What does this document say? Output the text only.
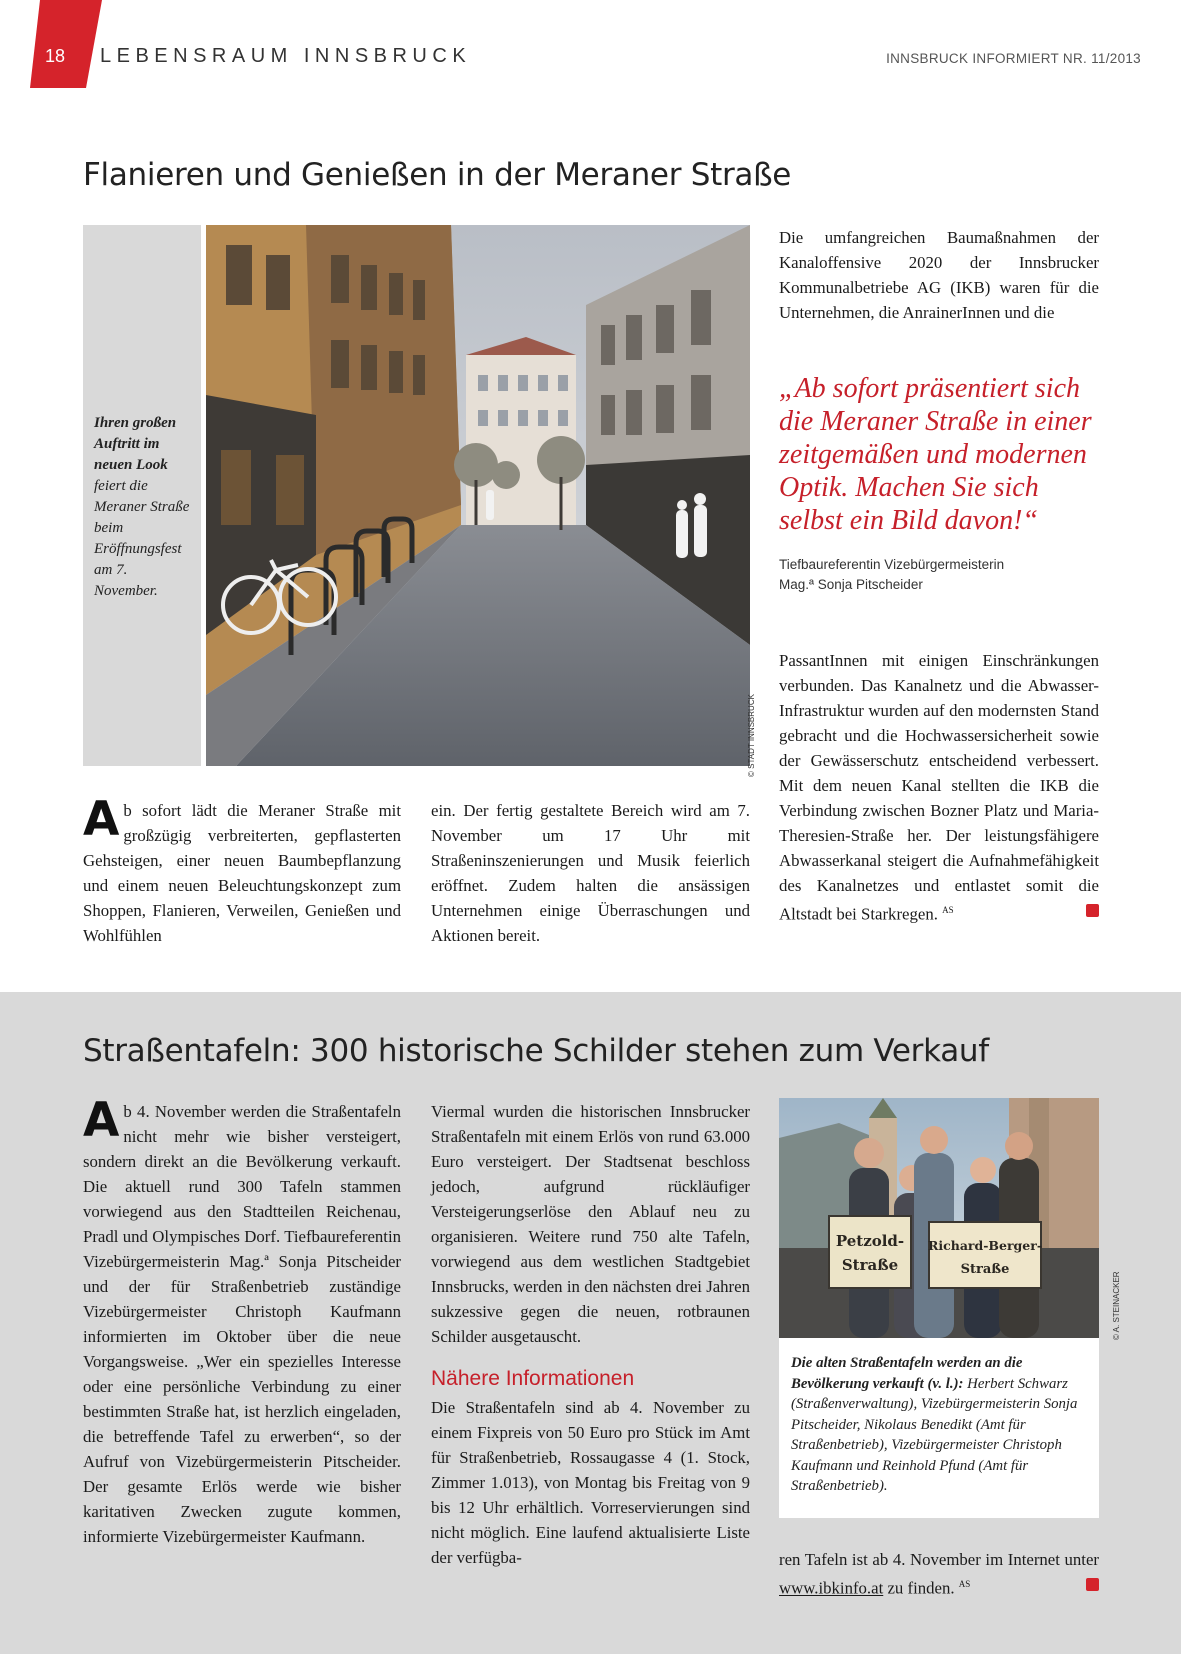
18 LEBENSRAUM INNSBRUCK	INNSBRUCK INFORMIERT NR. 11/2013
Flanieren und Genießen in der Meraner Straße
Ihren großen Auftritt im neuen Look feiert die Meraner Straße beim Eröffnungsfest am 7. November.
© STADT INNSBRUCK

Ab sofort lädt die Meraner Straße mit großzügig verbreiterten, gepflasterten Gehsteigen, einer neuen Baumbepflanzung und einem neuen Beleuchtungskonzept zum Shoppen, Flanieren, Verweilen, Genießen und Wohlfühlen

ein. Der fertig gestaltete Bereich wird am 7. November um 17 Uhr mit Straßeninszenierungen und Musik feierlich eröffnet. Zudem halten die ansässigen Unternehmen einige Überraschungen und Aktionen bereit.

Die umfangreichen Baumaßnahmen der Kanaloffensive 2020 der Innsbrucker Kommunalbetriebe AG (IKB) waren für die Unternehmen, die AnrainerInnen und die

„Ab sofort präsentiert sich die Meraner Straße in einer zeitgemäßen und modernen Optik. Machen Sie sich selbst ein Bild davon!“
Tiefbaureferentin Vizebürgermeisterin
Mag.ª Sonja Pitscheider

PassantInnen mit einigen Einschränkungen verbunden. Das Kanalnetz und die Abwasser-Infrastruktur wurden auf den modernsten Stand gebracht und die Hochwassersicherheit sowie der Gewässerschutz entscheidend verbessert. Mit dem neuen Kanal stellten die IKB die Verbindung zwischen Bozner Platz und Maria-Theresien-Straße her. Der leistungsfähigere Abwasserkanal steigert die Aufnahmefähigkeit des Kanalnetzes und entlastet somit die Altstadt bei Starkregen. $^{AS}$

Straßentafeln: 300 historische Schilder stehen zum Verkauf

Ab 4. November werden die Straßentafeln nicht mehr wie bisher versteigert, sondern direkt an die Bevölkerung verkauft. Die aktuell rund 300 Tafeln stammen vorwiegend aus den Stadtteilen Reichenau, Pradl und Olympisches Dorf. Tiefbaureferentin Vizebürgermeisterin Mag.ª Sonja Pitscheider und der für Straßenbetrieb zuständige Vizebürgermeister Christoph Kaufmann informierten im Oktober über die neue Vorgangsweise. „Wer ein spezielles Interesse oder eine persönliche Verbindung zu einer bestimmten Straße hat, ist herzlich eingeladen, die betreffende Tafel zu erwerben“, so der Aufruf von Vizebürgermeisterin Pitscheider. Der gesamte Erlös werde wie bisher karitativen Zwecken zugute kommen, informierte Vizebürgermeister Kaufmann.

Viermal wurden die historischen Innsbrucker Straßentafeln mit einem Erlös von rund 63.000 Euro versteigert. Der Stadtsenat beschloss jedoch, aufgrund rückläufiger Versteigerungserlöse den Ablauf neu zu organisieren. Weitere rund 750 alte Tafeln, vorwiegend aus dem westlichen Stadtgebiet Innsbrucks, werden in den nächsten drei Jahren sukzessive gegen die neuen, rotbraunen Schilder ausgetauscht.

Nähere Informationen

Die Straßentafeln sind ab 4. November zu einem Fixpreis von 50 Euro pro Stück im Amt für Straßenbetrieb, Rossaugasse 4 (1. Stock, Zimmer 1.013), von Montag bis Freitag von 9 bis 12 Uhr erhältlich. Vorreservierungen sind nicht möglich. Eine laufend aktualisierte Liste der verfügba-

Petzold-
Straße
Richard-Berger-
Straße
© A. STEINACKER
Die alten Straßentafeln werden an die Bevölkerung verkauft (v. l.): Herbert Schwarz (Straßenverwaltung), Vizebürgermeisterin Sonja Pitscheider, Nikolaus Benedikt (Amt für Straßenbetrieb), Vizebürgermeister Christoph Kaufmann und Reinhold Pfund (Amt für Straßenbetrieb).

ren Tafeln ist ab 4. November im Internet unter www.ibkinfo.at zu finden. $^{AS}$
